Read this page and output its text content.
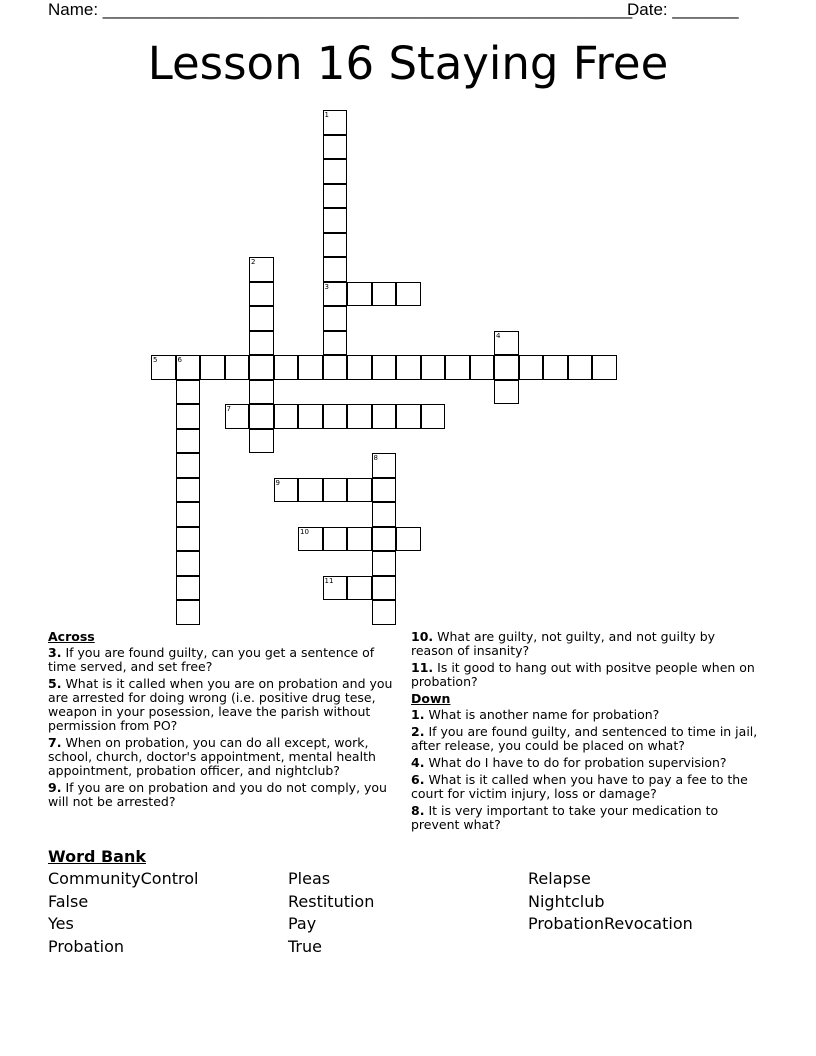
Name: ________________________________________________________
Date: _______
Lesson 16 Staying Free
1
3
2
4
5	6
7
8
9
10
11
Across
3. If you are found guilty, can you get a sentence of time served, and set free?
5. What is it called when you are on probation and you are arrested for doing wrong (i.e. positive drug tese, weapon in your posession, leave the parish without permission from PO?
7. When on probation, you can do all except, work, school, church, doctor's appointment, mental health appointment, probation officer, and nightclub?
9. If you are on probation and you do not comply, you will not be arrested?
10. What are guilty, not guilty, and not guilty by reason of insanity?
11. Is it good to hang out with positve people when on probation?
Down
1. What is another name for probation?
2. If you are found guilty, and sentenced to time in jail, after release, you could be placed on what?
4. What do I have to do for probation supervision?
6. What is it called when you have to pay a fee to the court for victim injury, loss or damage?
8. It is very important to take your medication to prevent what?
Word Bank
CommunityControl
False
Yes
Probation
Pleas
Restitution
Pay
True
Relapse
Nightclub
ProbationRevocation
